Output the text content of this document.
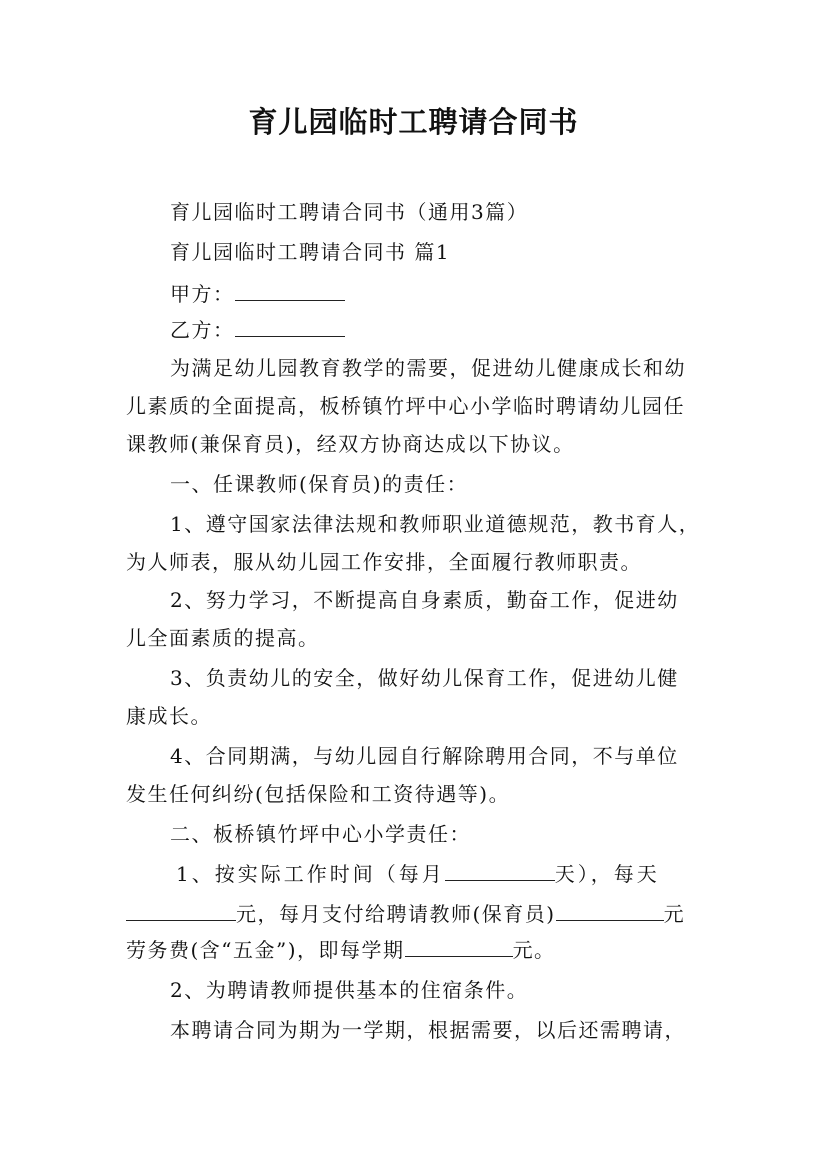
育儿园临时工聘请合同书
育儿园临时工聘请合同书（通用3篇）
育儿园临时工聘请合同书 篇1
甲方：
乙方：
为满足幼儿园教育教学的需要，促进幼儿健康成长和幼
儿素质的全面提高，板桥镇竹坪中心小学临时聘请幼儿园任
课教师(兼保育员)，经双方协商达成以下协议。
一、任课教师(保育员)的责任：
1、遵守国家法律法规和教师职业道德规范，教书育人，
为人师表，服从幼儿园工作安排，全面履行教师职责。
2、努力学习，不断提高自身素质，勤奋工作，促进幼
儿全面素质的提高。
3、负责幼儿的安全，做好幼儿保育工作，促进幼儿健
康成长。
4、合同期满，与幼儿园自行解除聘用合同，不与单位
发生任何纠纷(包括保险和工资待遇等)。
二、板桥镇竹坪中心小学责任：
1、按实际工作时间（每月	天），每天
元，每月支付给聘请教师(保育员)	元
劳务费(含“五金”)，即每学期	元。
2、为聘请教师提供基本的住宿条件。
本聘请合同为期为一学期，根据需要，以后还需聘请，
